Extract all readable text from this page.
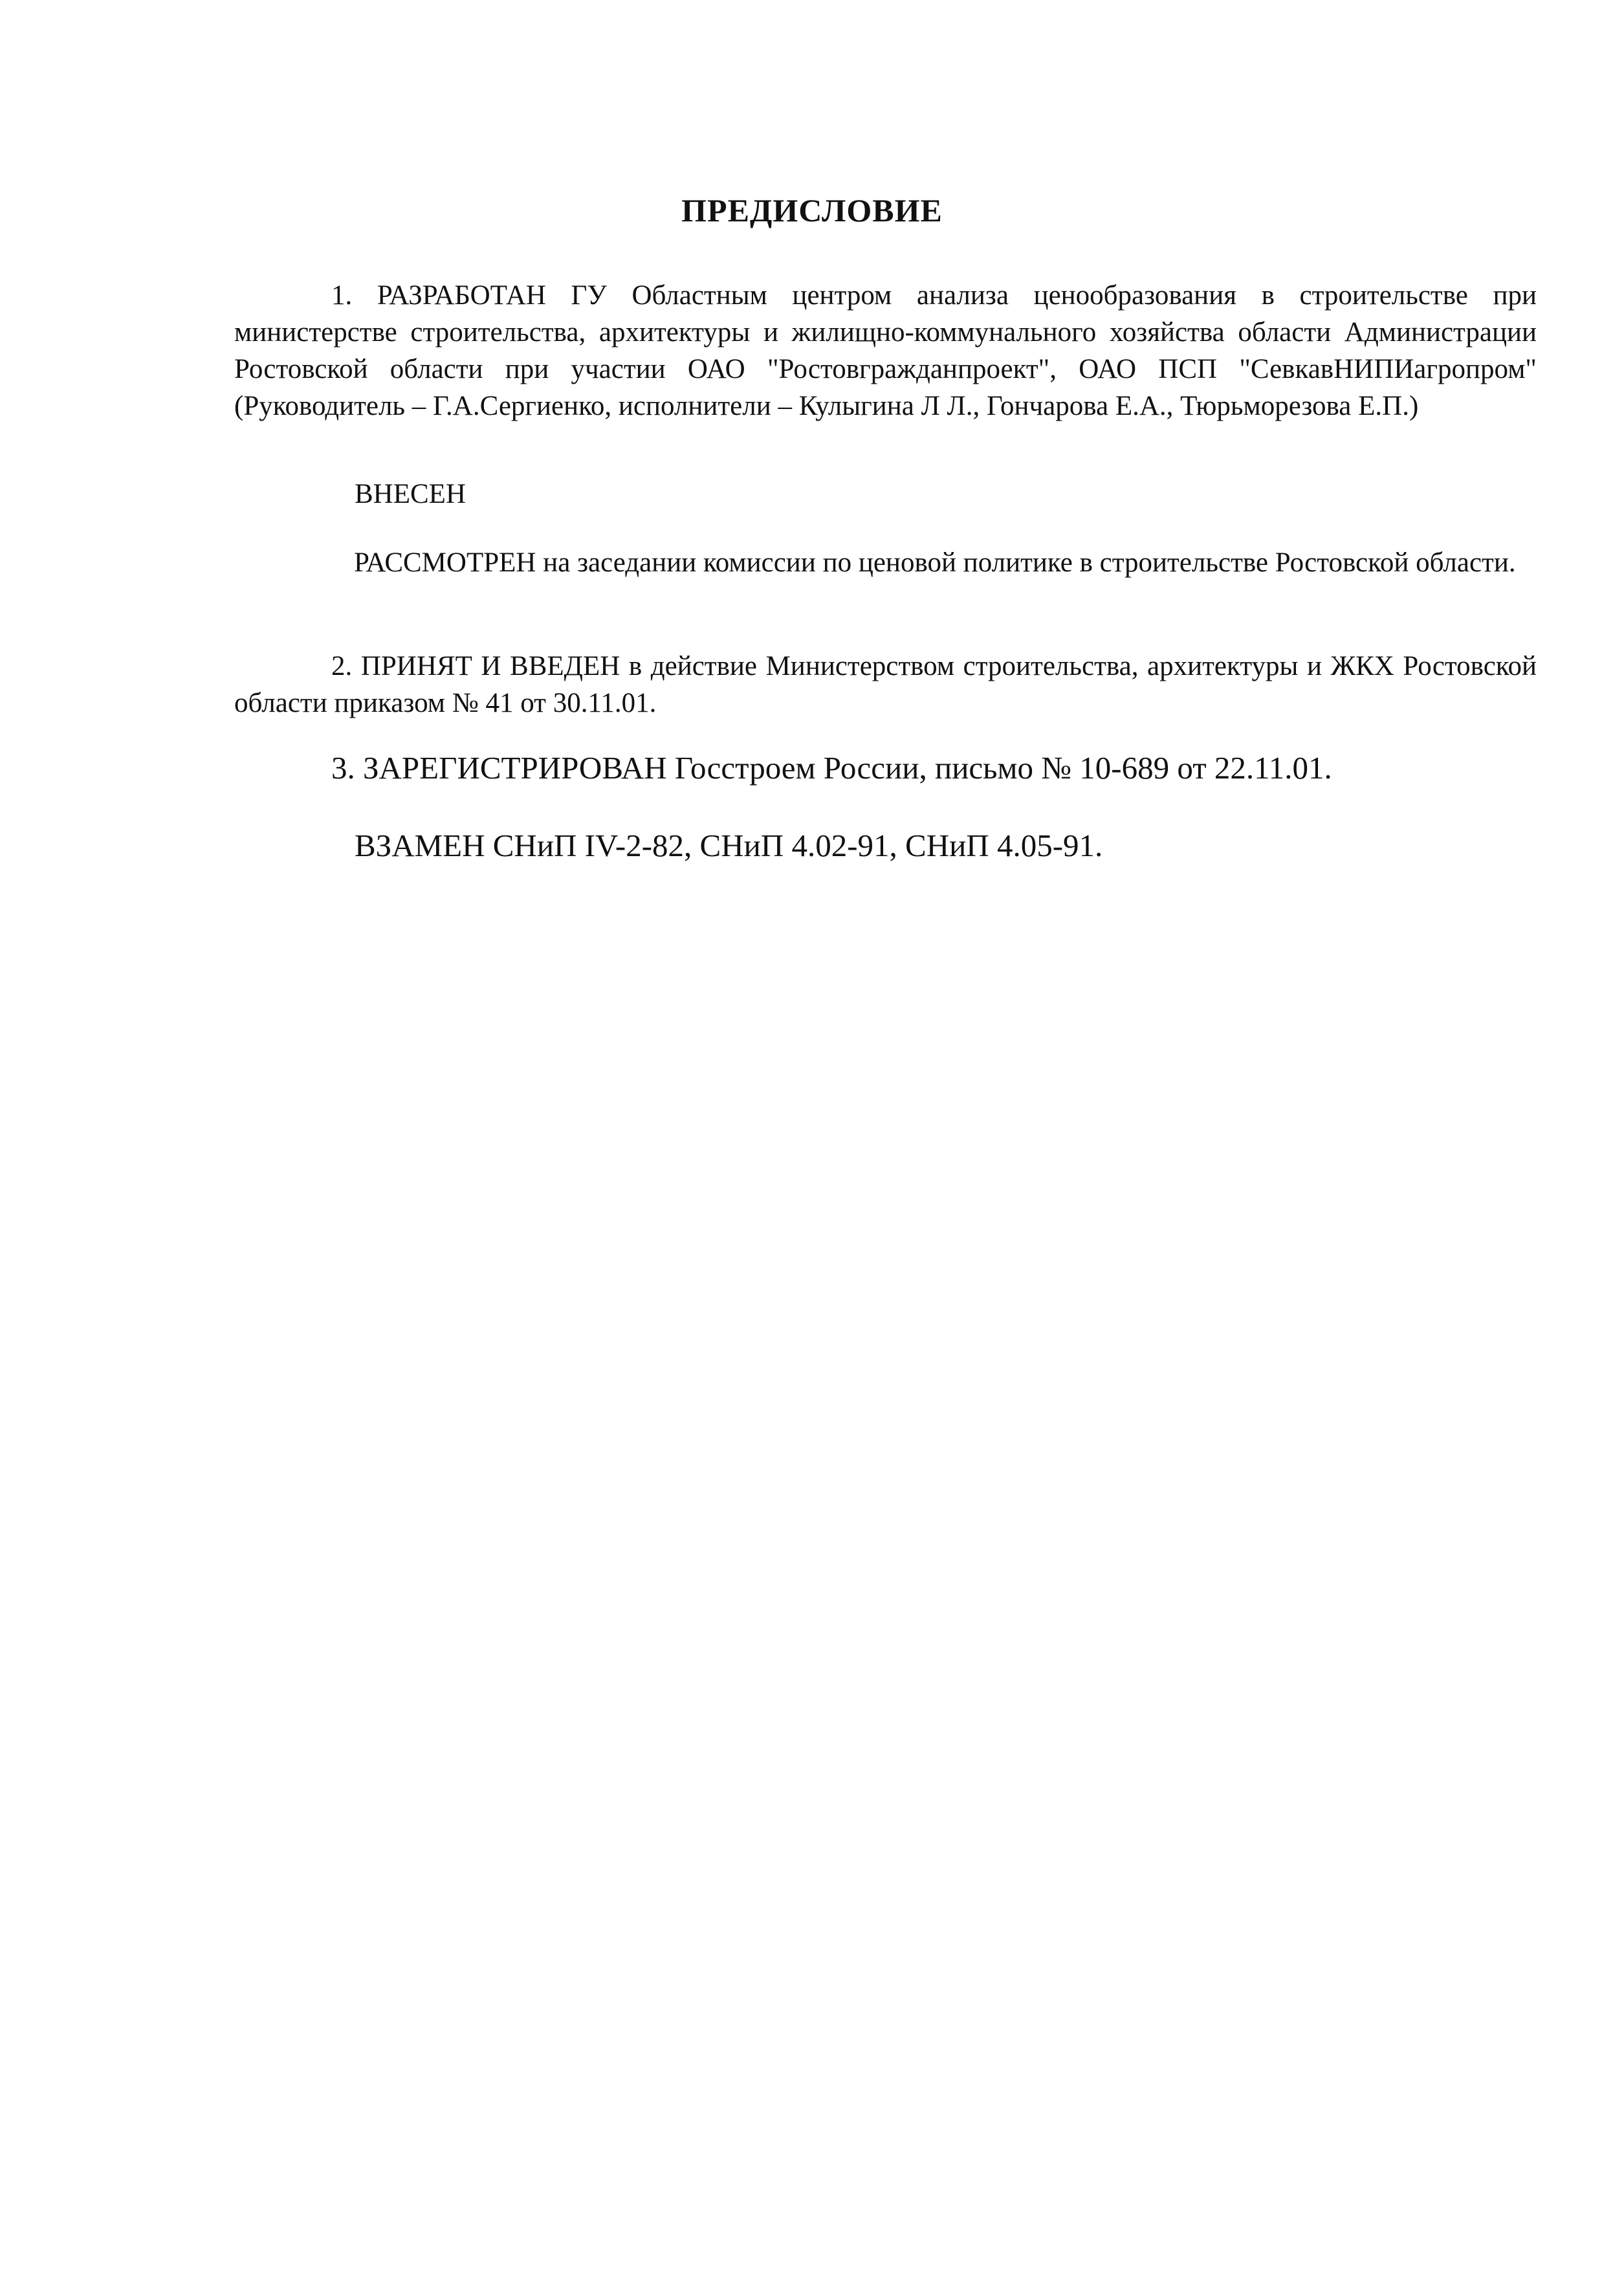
ПРЕДИСЛОВИЕ

1. РАЗРАБОТАН ГУ Областным центром анализа ценообразования в строительстве при министерстве строительства, архитектуры и жилищно-коммунального хозяйства области Администрации Ростовской области при участии ОАО "Ростовгражданпроект", ОАО ПСП "СевкавНИПИагропром" (Руководитель – Г.А.Сергиенко, исполнители – Кулыгина Л Л., Гончарова Е.А., Тюрьморезова Е.П.)

ВНЕСЕН

РАССМОТРЕН на заседании комиссии по ценовой политике в строительстве Ростовской области.

2. ПРИНЯТ И ВВЕДЕН в действие Министерством строительства, архитектуры и ЖКХ Ростовской области приказом № 41 от 30.11.01.

3. ЗАРЕГИСТРИРОВАН Госстроем России, письмо № 10-689 от 22.11.01.

ВЗАМЕН СНиП IV-2-82, СНиП 4.02-91, СНиП 4.05-91.
